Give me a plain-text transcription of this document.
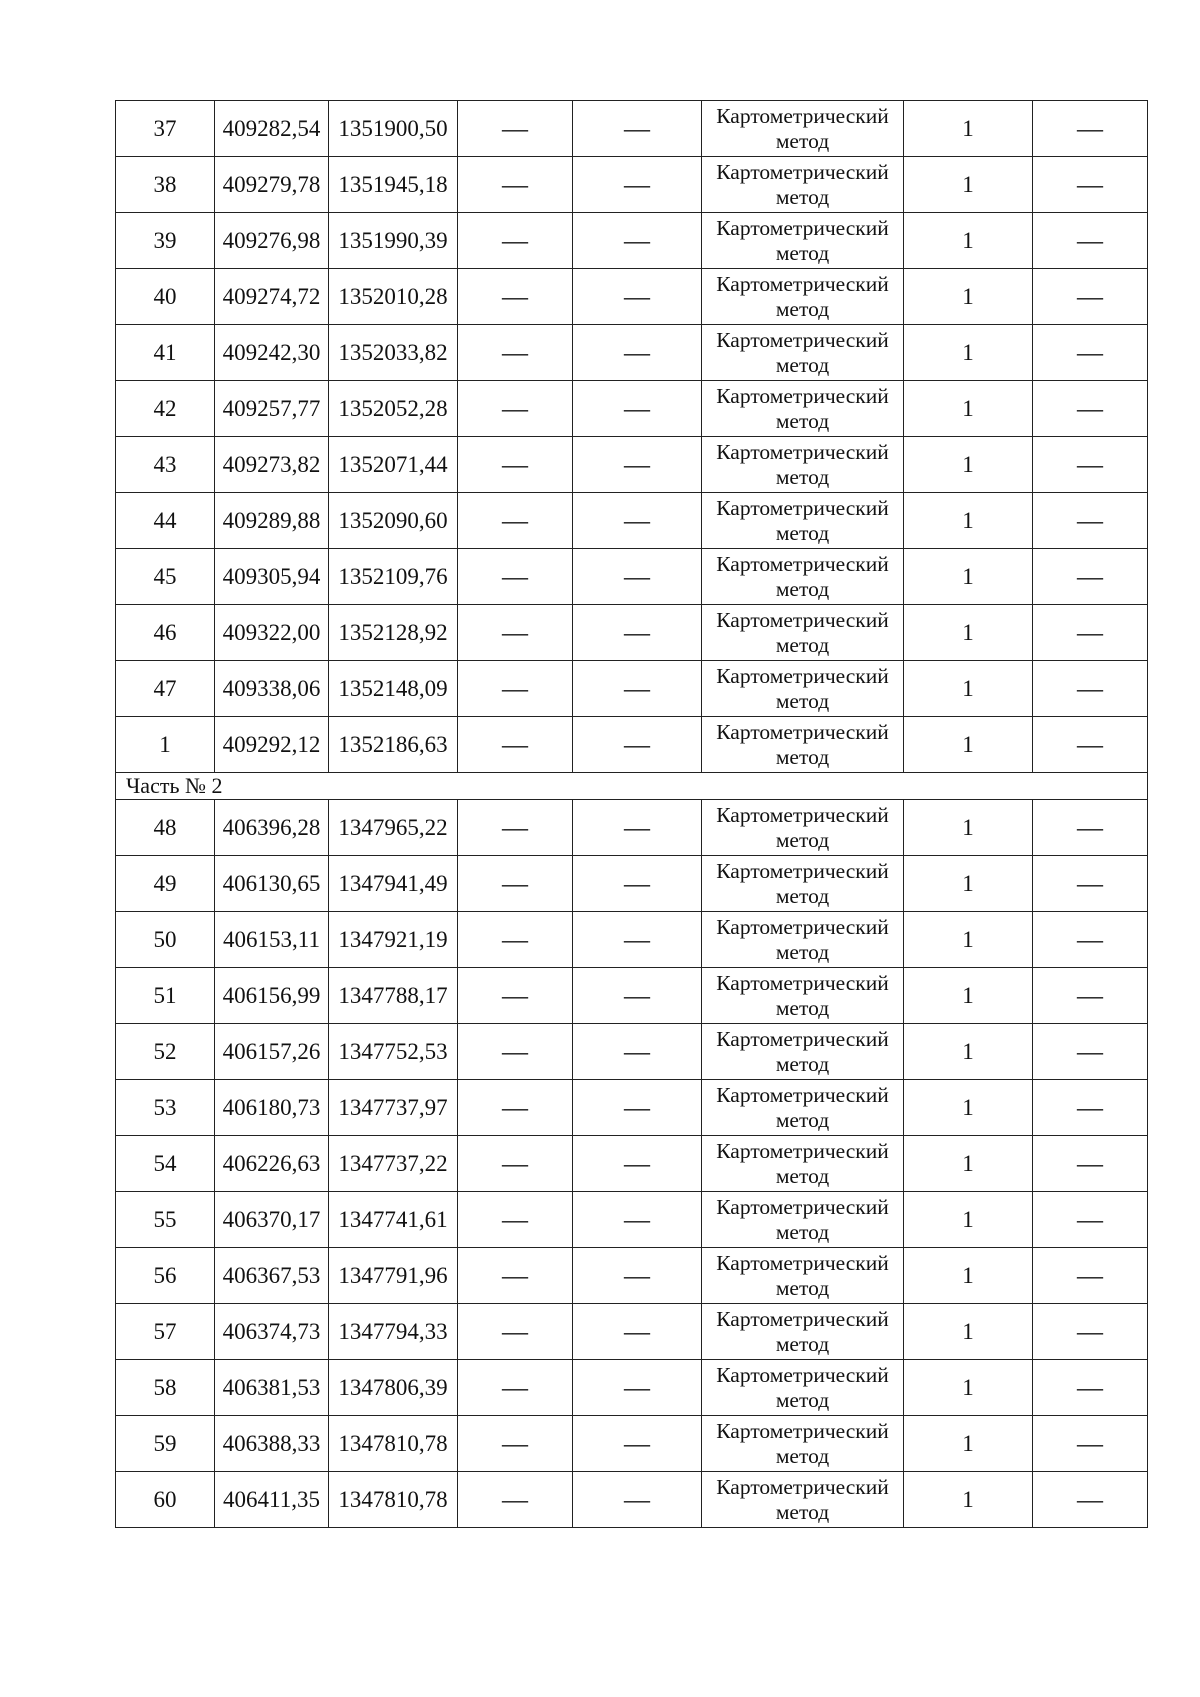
37	409282,54	1351900,50	—	—	Картометрический
метод	1	—
38	409279,78	1351945,18	—	—	Картометрический
метод	1	—
39	409276,98	1351990,39	—	—	Картометрический
метод	1	—
40	409274,72	1352010,28	—	—	Картометрический
метод	1	—
41	409242,30	1352033,82	—	—	Картометрический
метод	1	—
42	409257,77	1352052,28	—	—	Картометрический
метод	1	—
43	409273,82	1352071,44	—	—	Картометрический
метод	1	—
44	409289,88	1352090,60	—	—	Картометрический
метод	1	—
45	409305,94	1352109,76	—	—	Картометрический
метод	1	—
46	409322,00	1352128,92	—	—	Картометрический
метод	1	—
47	409338,06	1352148,09	—	—	Картометрический
метод	1	—
1	409292,12	1352186,63	—	—	Картометрический
метод	1	—
Часть № 2							
48	406396,28	1347965,22	—	—	Картометрический
метод	1	—
49	406130,65	1347941,49	—	—	Картометрический
метод	1	—
50	406153,11	1347921,19	—	—	Картометрический
метод	1	—
51	406156,99	1347788,17	—	—	Картометрический
метод	1	—
52	406157,26	1347752,53	—	—	Картометрический
метод	1	—
53	406180,73	1347737,97	—	—	Картометрический
метод	1	—
54	406226,63	1347737,22	—	—	Картометрический
метод	1	—
55	406370,17	1347741,61	—	—	Картометрический
метод	1	—
56	406367,53	1347791,96	—	—	Картометрический
метод	1	—
57	406374,73	1347794,33	—	—	Картометрический
метод	1	—
58	406381,53	1347806,39	—	—	Картометрический
метод	1	—
59	406388,33	1347810,78	—	—	Картометрический
метод	1	—
60	406411,35	1347810,78	—	—	Картометрический
метод	1	—
